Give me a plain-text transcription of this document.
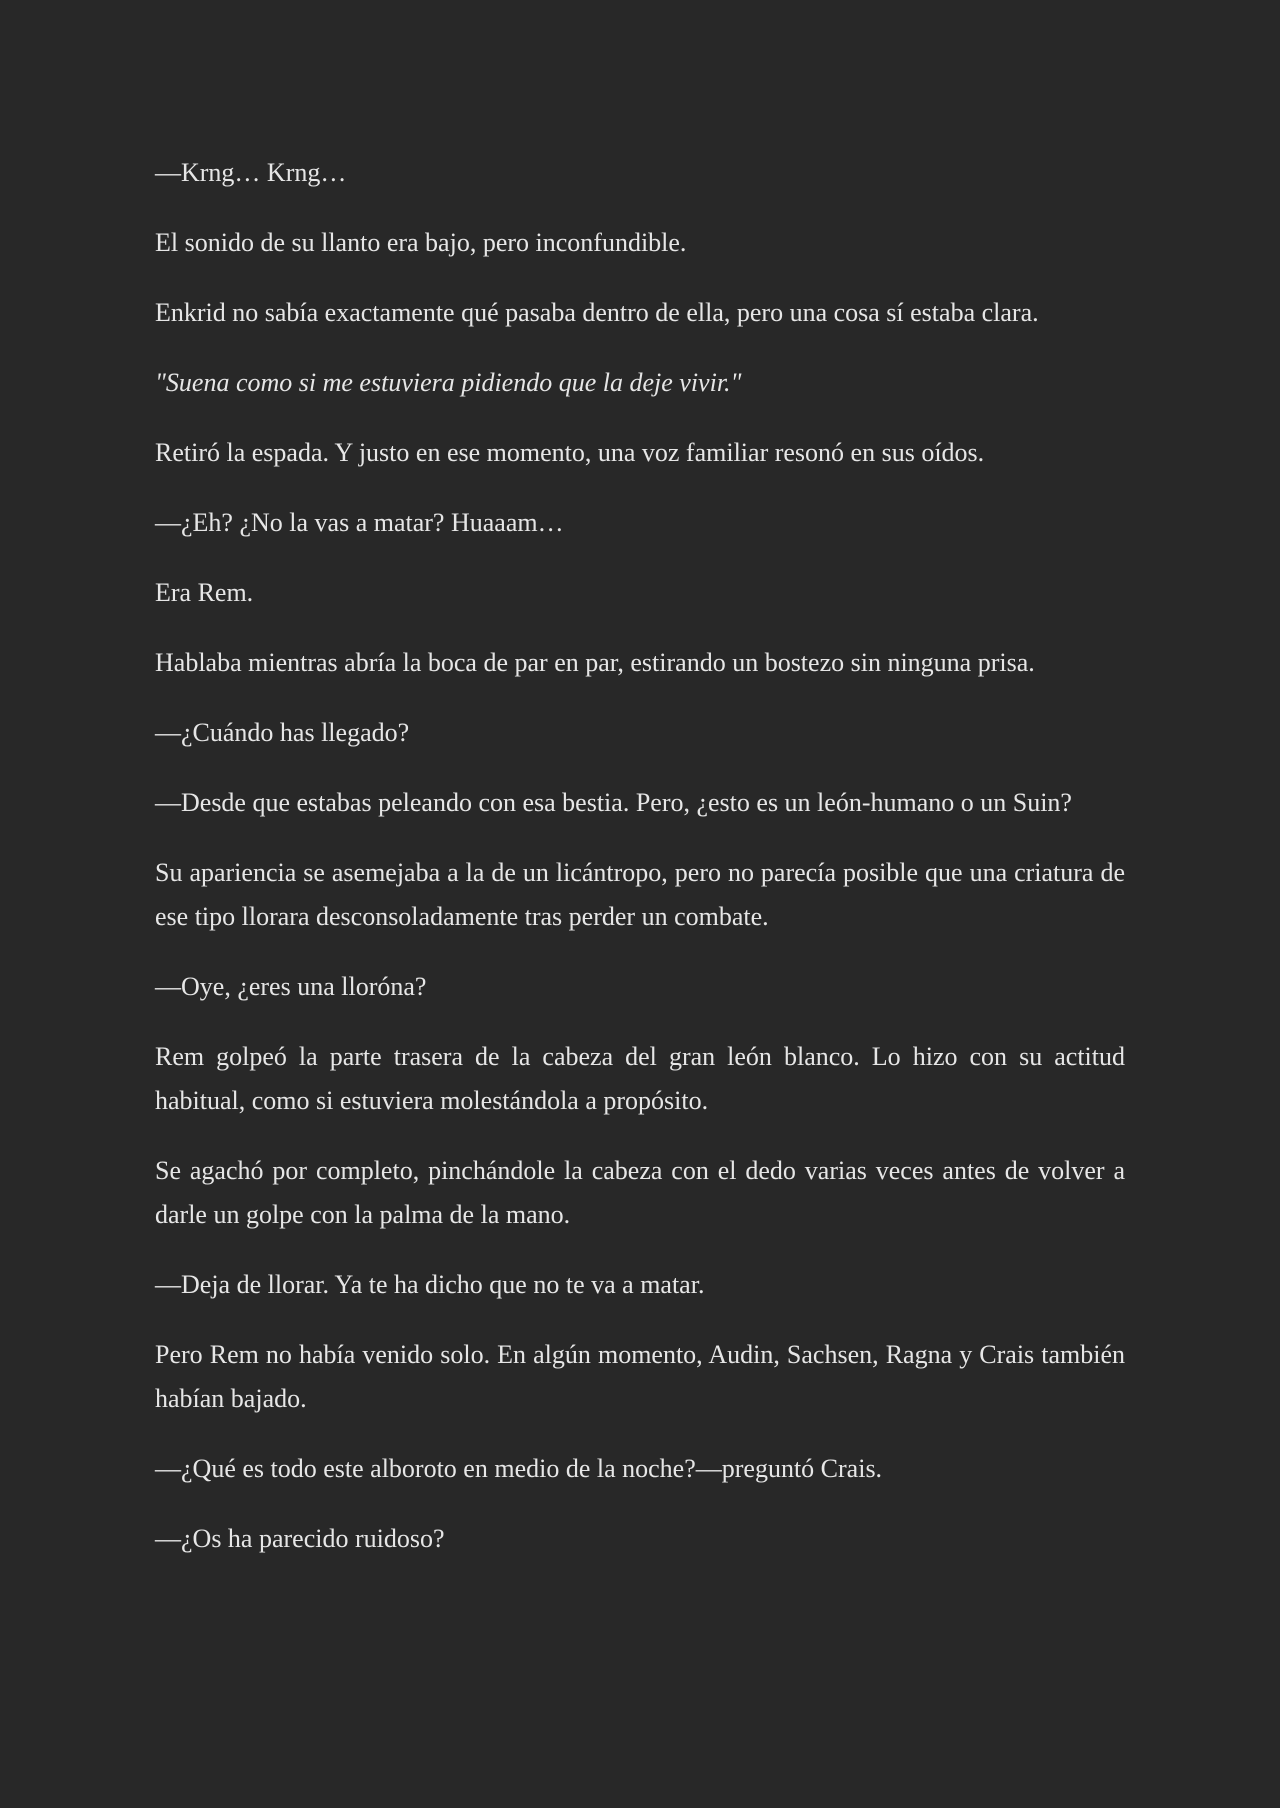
—Krng… Krng…

El sonido de su llanto era bajo, pero inconfundible.

Enkrid no sabía exactamente qué pasaba dentro de ella, pero una cosa sí estaba clara.

"Suena como si me estuviera pidiendo que la deje vivir."

Retiró la espada. Y justo en ese momento, una voz familiar resonó en sus oídos.

—¿Eh? ¿No la vas a matar? Huaaam…

Era Rem.

Hablaba mientras abría la boca de par en par, estirando un bostezo sin ninguna prisa.

—¿Cuándo has llegado?

—Desde que estabas peleando con esa bestia. Pero, ¿esto es un león-humano o un Suin?

Su apariencia se asemejaba a la de un licántropo, pero no parecía posible que una criatura de ese tipo llorara desconsoladamente tras perder un combate.

—Oye, ¿eres una lloróna?

Rem golpeó la parte trasera de la cabeza del gran león blanco. Lo hizo con su actitud habitual, como si estuviera molestándola a propósito.

Se agachó por completo, pinchándole la cabeza con el dedo varias veces antes de volver a darle un golpe con la palma de la mano.

—Deja de llorar. Ya te ha dicho que no te va a matar.

Pero Rem no había venido solo. En algún momento, Audin, Sachsen, Ragna y Crais también habían bajado.

—¿Qué es todo este alboroto en medio de la noche?—preguntó Crais.

—¿Os ha parecido ruidoso?
